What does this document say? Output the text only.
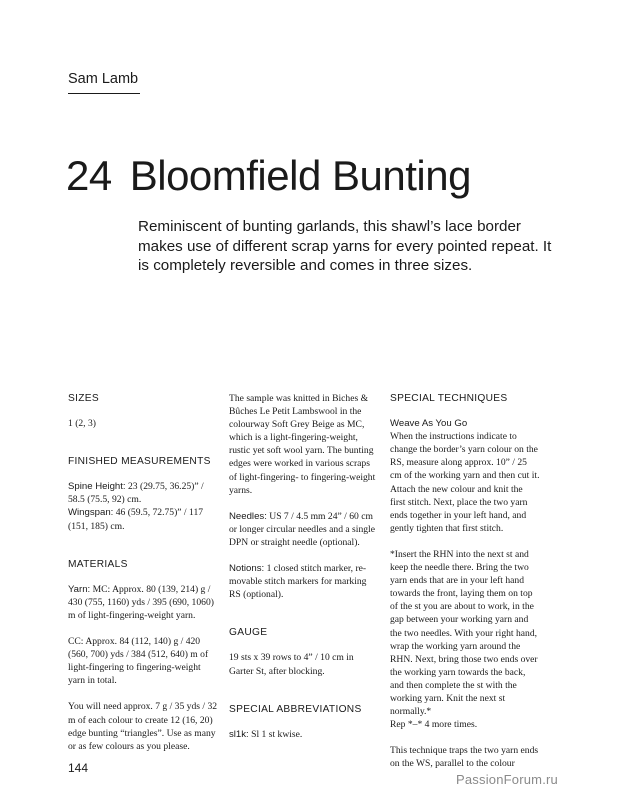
Sam Lamb
24 Bloomfield Bunting
Reminiscent of bunting garlands, this shawl’s lace border makes use of different scrap yarns for every pointed repeat. It is completely reversible and comes in three sizes.
SIZES

1 (2, 3)

FINISHED MEASUREMENTS

Spine Height: 23 (29.75, 36.25)” / 58.5 (75.5, 92) cm.

Wingspan: 46 (59.5, 72.75)” / 117 (151, 185) cm.

MATERIALS

Yarn: MC: Approx. 80 (139, 214) g / 430 (755, 1160) yds / 395 (690, 1060) m of light-fingering-weight yarn.

CC: Approx. 84 (112, 140) g / 420 (560, 700) yds / 384 (512, 640) m of light-fingering to fingering-weight yarn in total.

You will need approx. 7 g / 35 yds / 32 m of each colour to create 12 (16, 20) edge bunting “triangles”. Use as many or as few colours as you please.

The sample was knitted in Biches & Bûches Le Petit Lambswool in the colourway Soft Grey Beige as MC, which is a light-fingering-weight, rustic yet soft wool yarn. The bunting edges were worked in various scraps of light-fingering- to fingering-weight yarns.

Needles: US 7 / 4.5 mm 24” / 60 cm or longer circular needles and a single DPN or straight needle (optional).

Notions: 1 closed stitch marker, re-movable stitch markers for marking RS (optional).

GAUGE

19 sts x 39 rows to 4” / 10 cm in Garter St, after blocking.

SPECIAL ABBREVIATIONS

sl1k: Sl 1 st kwise.

SPECIAL TECHNIQUES
Weave As You Go

When the instructions indicate to change the border’s yarn colour on the RS, measure along approx. 10” / 25 cm of the working yarn and then cut it. Attach the new colour and knit the first stitch. Next, place the two yarn ends together in your left hand, and gently tighten that first stitch.

*Insert the RHN into the next st and keep the needle there. Bring the two yarn ends that are in your left hand towards the front, laying them on top of the st you are about to work, in the gap between your working yarn and the two needles. With your right hand, wrap the working yarn around the RHN. Next, bring those two ends over the working yarn towards the back, and then complete the st with the working yarn. Knit the next st normally.*

Rep *–* 4 more times.

This technique traps the two yarn ends on the WS, parallel to the colour

144
PassionForum.ru
